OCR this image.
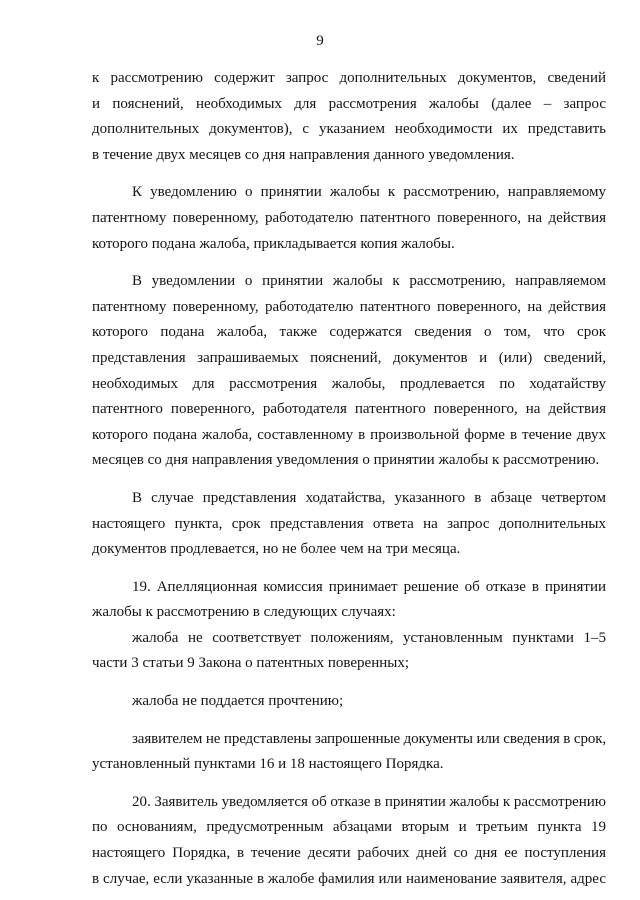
9
к рассмотрению содержит запрос дополнительных документов, сведений
и пояснений, необходимых для рассмотрения жалобы (далее – запрос
дополнительных документов), с указанием необходимости их представить
в течение двух месяцев со дня направления данного уведомления.
К уведомлению о принятии жалобы к рассмотрению, направляемому
патентному поверенному, работодателю патентного поверенного, на действия
которого подана жалоба, прикладывается копия жалобы.
В уведомлении о принятии жалобы к рассмотрению, направляемом
патентному поверенному, работодателю патентного поверенного, на действия
которого подана жалоба, также содержатся сведения о том, что срок
представления запрашиваемых пояснений, документов и (или) сведений,
необходимых для рассмотрения жалобы, продлевается по ходатайству
патентного поверенного, работодателя патентного поверенного, на действия
которого подана жалоба, составленному в произвольной форме в течение двух
месяцев со дня направления уведомления о принятии жалобы к рассмотрению.
В случае представления ходатайства, указанного в абзаце четвертом
настоящего пункта, срок представления ответа на запрос дополнительных
документов продлевается, но не более чем на три месяца.
19. Апелляционная комиссия принимает решение об отказе в принятии
жалобы к рассмотрению в следующих случаях:
жалоба не соответствует положениям, установленным пунктами 1–5
части 3 статьи 9 Закона о патентных поверенных;
жалоба не поддается прочтению;
заявителем не представлены запрошенные документы или сведения в срок,
установленный пунктами 16 и 18 настоящего Порядка.
20. Заявитель уведомляется об отказе в принятии жалобы к рассмотрению
по основаниям, предусмотренным абзацами вторым и третьим пункта 19
настоящего Порядка, в течение десяти рабочих дней со дня ее поступления
в случае, если указанные в жалобе фамилия или наименование заявителя, адрес
